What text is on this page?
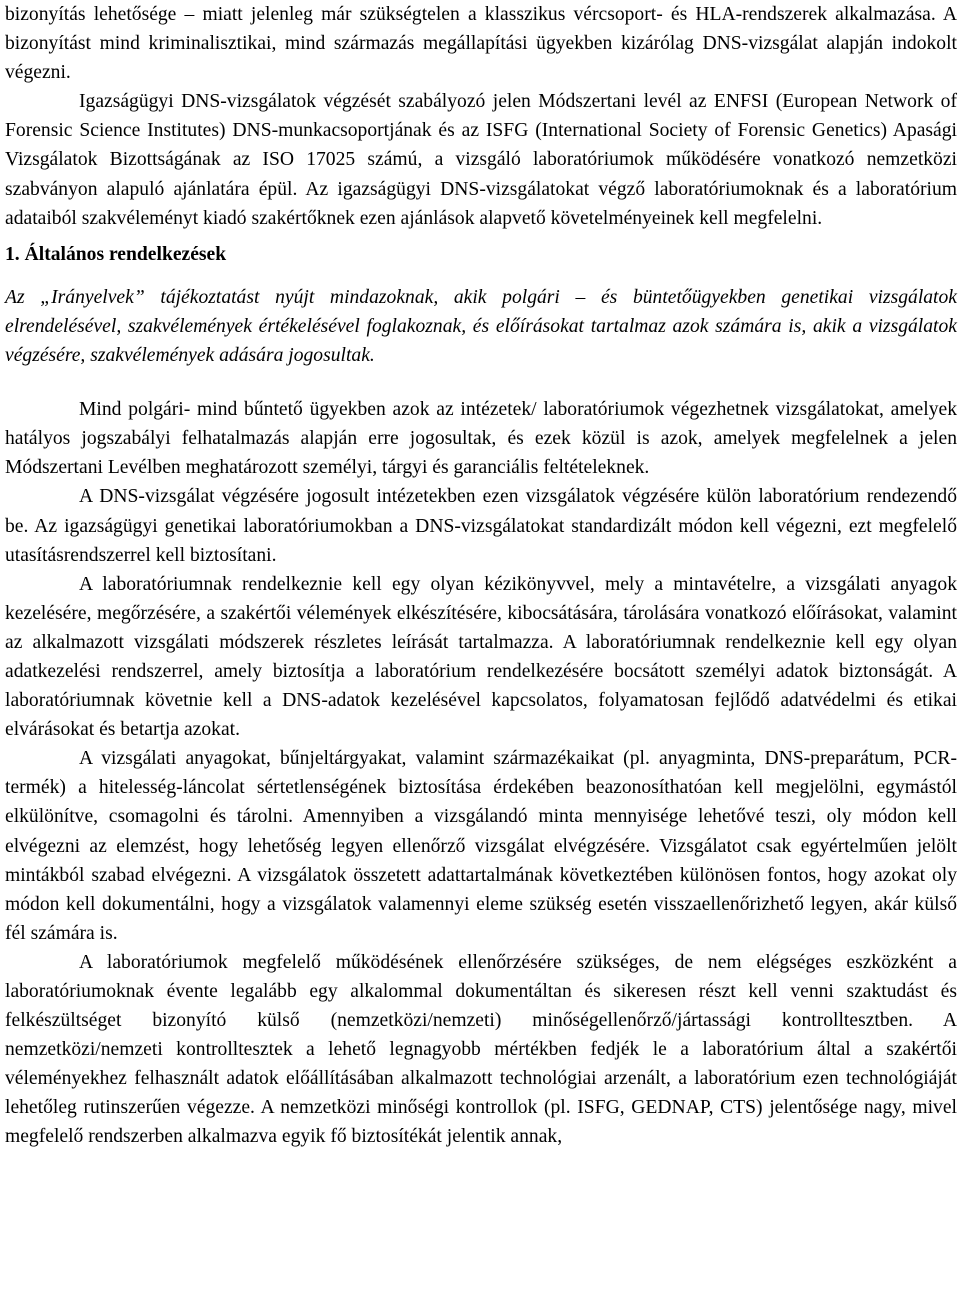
bizonyítás lehetősége – miatt jelenleg már szükségtelen a klasszikus vércsoport- és HLA-rendszerek alkalmazása. A bizonyítást mind kriminalisztikai, mind származás megállapítási ügyekben kizárólag DNS-vizsgálat alapján indokolt végezni.

Igazságügyi DNS-vizsgálatok végzését szabályozó jelen Módszertani levél az ENFSI (European Network of Forensic Science Institutes) DNS-munkacsoportjának és az ISFG (International Society of Forensic Genetics) Apasági Vizsgálatok Bizottságának az ISO 17025 számú, a vizsgáló laboratóriumok működésére vonatkozó nemzetközi szabványon alapuló ajánlatára épül. Az igazságügyi DNS-vizsgálatokat végző laboratóriumoknak és a laboratórium adataiból szakvéleményt kiadó szakértőknek ezen ajánlások alapvető követelményeinek kell megfelelni.

1. Általános rendelkezések

Az „Irányelvek” tájékoztatást nyújt mindazoknak, akik polgári – és büntetőügyekben genetikai vizsgálatok elrendelésével, szakvélemények értékelésével foglakoznak, és előírásokat tartalmaz azok számára is, akik a vizsgálatok végzésére, szakvélemények adására jogosultak.

Mind polgári- mind bűntető ügyekben azok az intézetek/ laboratóriumok végezhetnek vizsgálatokat, amelyek hatályos jogszabályi felhatalmazás alapján erre jogosultak, és ezek közül is azok, amelyek megfelelnek a jelen Módszertani Levélben meghatározott személyi, tárgyi és garanciális feltételeknek.

A DNS-vizsgálat végzésére jogosult intézetekben ezen vizsgálatok végzésére külön laboratórium rendezendő be. Az igazságügyi genetikai laboratóriumokban a DNS-vizsgálatokat standardizált módon kell végezni, ezt megfelelő utasításrendszerrel kell biztosítani.

A laboratóriumnak rendelkeznie kell egy olyan kézikönyvvel, mely a mintavételre, a vizsgálati anyagok kezelésére, megőrzésére, a szakértői vélemények elkészítésére, kibocsátására, tárolására vonatkozó előírásokat, valamint az alkalmazott vizsgálati módszerek részletes leírását tartalmazza. A laboratóriumnak rendelkeznie kell egy olyan adatkezelési rendszerrel, amely biztosítja a laboratórium rendelkezésére bocsátott személyi adatok biztonságát. A laboratóriumnak követnie kell a DNS-adatok kezelésével kapcsolatos, folyamatosan fejlődő adatvédelmi és etikai elvárásokat és betartja azokat.

A vizsgálati anyagokat, bűnjeltárgyakat, valamint származékaikat (pl. anyagminta, DNS-preparátum, PCR-termék) a hitelesség-láncolat sértetlenségének biztosítása érdekében beazonosíthatóan kell megjelölni, egymástól elkülönítve, csomagolni és tárolni. Amennyiben a vizsgálandó minta mennyisége lehetővé teszi, oly módon kell elvégezni az elemzést, hogy lehetőség legyen ellenőrző vizsgálat elvégzésére. Vizsgálatot csak egyértelműen jelölt mintákból szabad elvégezni. A vizsgálatok összetett adattartalmának következtében különösen fontos, hogy azokat oly módon kell dokumentálni, hogy a vizsgálatok valamennyi eleme szükség esetén visszaellenőrizhető legyen, akár külső fél számára is.

A laboratóriumok megfelelő működésének ellenőrzésére szükséges, de nem elégséges eszközként a laboratóriumoknak évente legalább egy alkalommal dokumentáltan és sikeresen részt kell venni szaktudást és felkészültséget bizonyító külső (nemzetközi/nemzeti) minőségellenőrző/jártassági kontrolltesztben. A nemzetközi/nemzeti kontrolltesztek a lehető legnagyobb mértékben fedjék le a laboratórium által a szakértői véleményekhez felhasznált adatok előállításában alkalmazott technológiai arzenált, a laboratórium ezen technológiáját lehetőleg rutinszerűen végezze. A nemzetközi minőségi kontrollok (pl. ISFG, GEDNAP, CTS) jelentősége nagy, mivel megfelelő rendszerben alkalmazva egyik fő biztosítékát jelentik annak,
